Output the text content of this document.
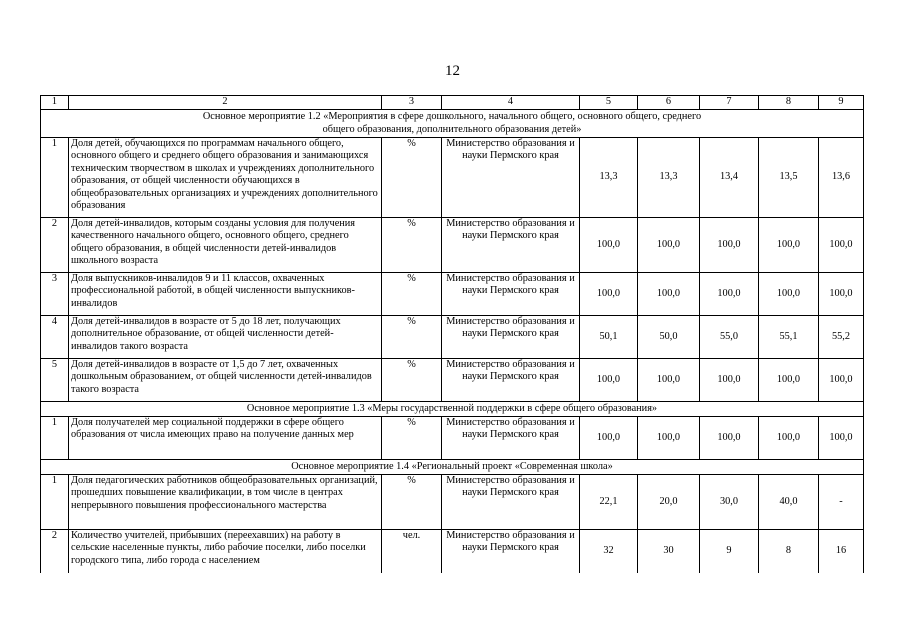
12
1	2	3	4	5	6	7	8	9
Основное мероприятие 1.2 «Мероприятия в сфере дошкольного, начального общего, основного общего, среднего общего образования, дополнительного образования детей»								
1	Доля детей, обучающихся по программам начального общего, основного общего и среднего общего образования и занимающихся техническим творчеством в школах и учреждениях дополнительного образования, от общей численности обучающихся в общеобразовательных организациях и учреждениях дополнительного образования	%	Министерство образования и науки Пермского края	13,3	13,3	13,4	13,5	13,6
2	Доля детей-инвалидов, которым созданы условия для получения качественного начального общего, основного общего, среднего общего образования, в общей численности детей-инвалидов школьного возраста	%	Министерство образования и науки Пермского края	100,0	100,0	100,0	100,0	100,0
3	Доля выпускников-инвалидов 9 и 11 классов, охваченных профессиональной работой, в общей численности выпускников-инвалидов	%	Министерство образования и науки Пермского края	100,0	100,0	100,0	100,0	100,0
4	Доля детей-инвалидов в возрасте от 5 до 18 лет, получающих дополнительное образование, от общей численности детей-инвалидов такого возраста	%	Министерство образования и науки Пермского края	50,1	50,0	55,0	55,1	55,2
5	Доля детей-инвалидов в возрасте от 1,5 до 7 лет, охваченных дошкольным образованием, от общей численности детей-инвалидов такого возраста	%	Министерство образования и науки Пермского края	100,0	100,0	100,0	100,0	100,0
Основное мероприятие 1.3 «Меры государственной поддержки в сфере общего образования»								
1	Доля получателей мер социальной поддержки в сфере общего образования от числа имеющих право на получение данных мер	%	Министерство образования и науки Пермского края	100,0	100,0	100,0	100,0	100,0
Основное мероприятие 1.4 «Региональный проект «Современная школа»								
1	Доля педагогических работников общеобразовательных организаций, прошедших повышение квалификации, в том числе в центрах непрерывного повышения профессионального мастерства	%	Министерство образования и науки Пермского края	22,1	20,0	30,0	40,0	-
2	Количество учителей, прибывших (переехавших) на работу в сельские населенные пункты, либо рабочие поселки, либо поселки городского типа, либо города с населением	чел.	Министерство образования и науки Пермского края	32	30	9	8	16
